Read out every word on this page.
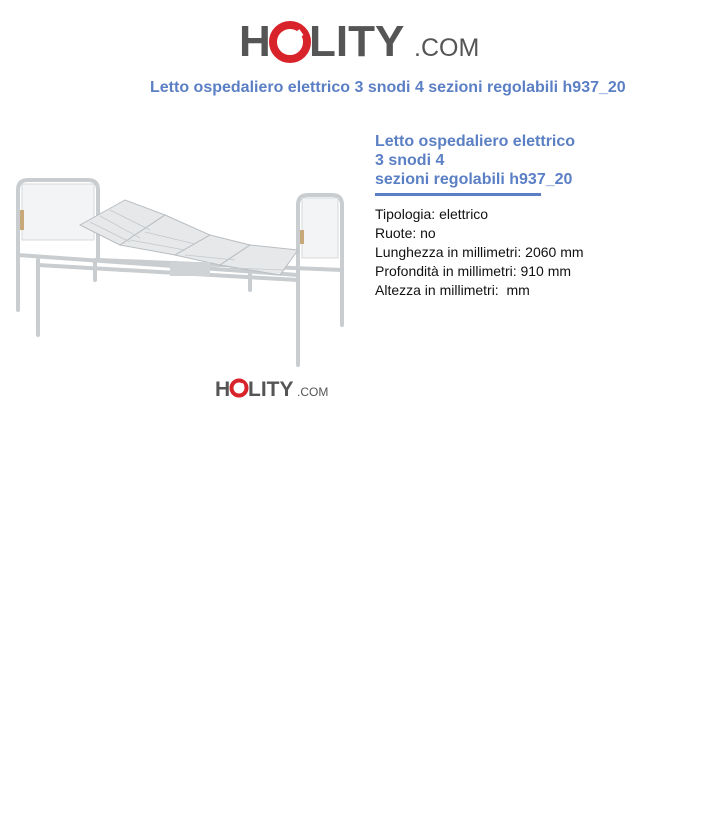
H LITY .COM
Letto ospedaliero elettrico 3 snodi 4 sezioni regolabili h937_20
H LITY .COM
Letto ospedaliero elettrico
3 snodi 4
sezioni regolabili h937_20
Tipologia: elettrico
Ruote: no
Lunghezza in millimetri: 2060 mm
Profondità in millimetri: 910 mm
Altezza in millimetri:  mm
